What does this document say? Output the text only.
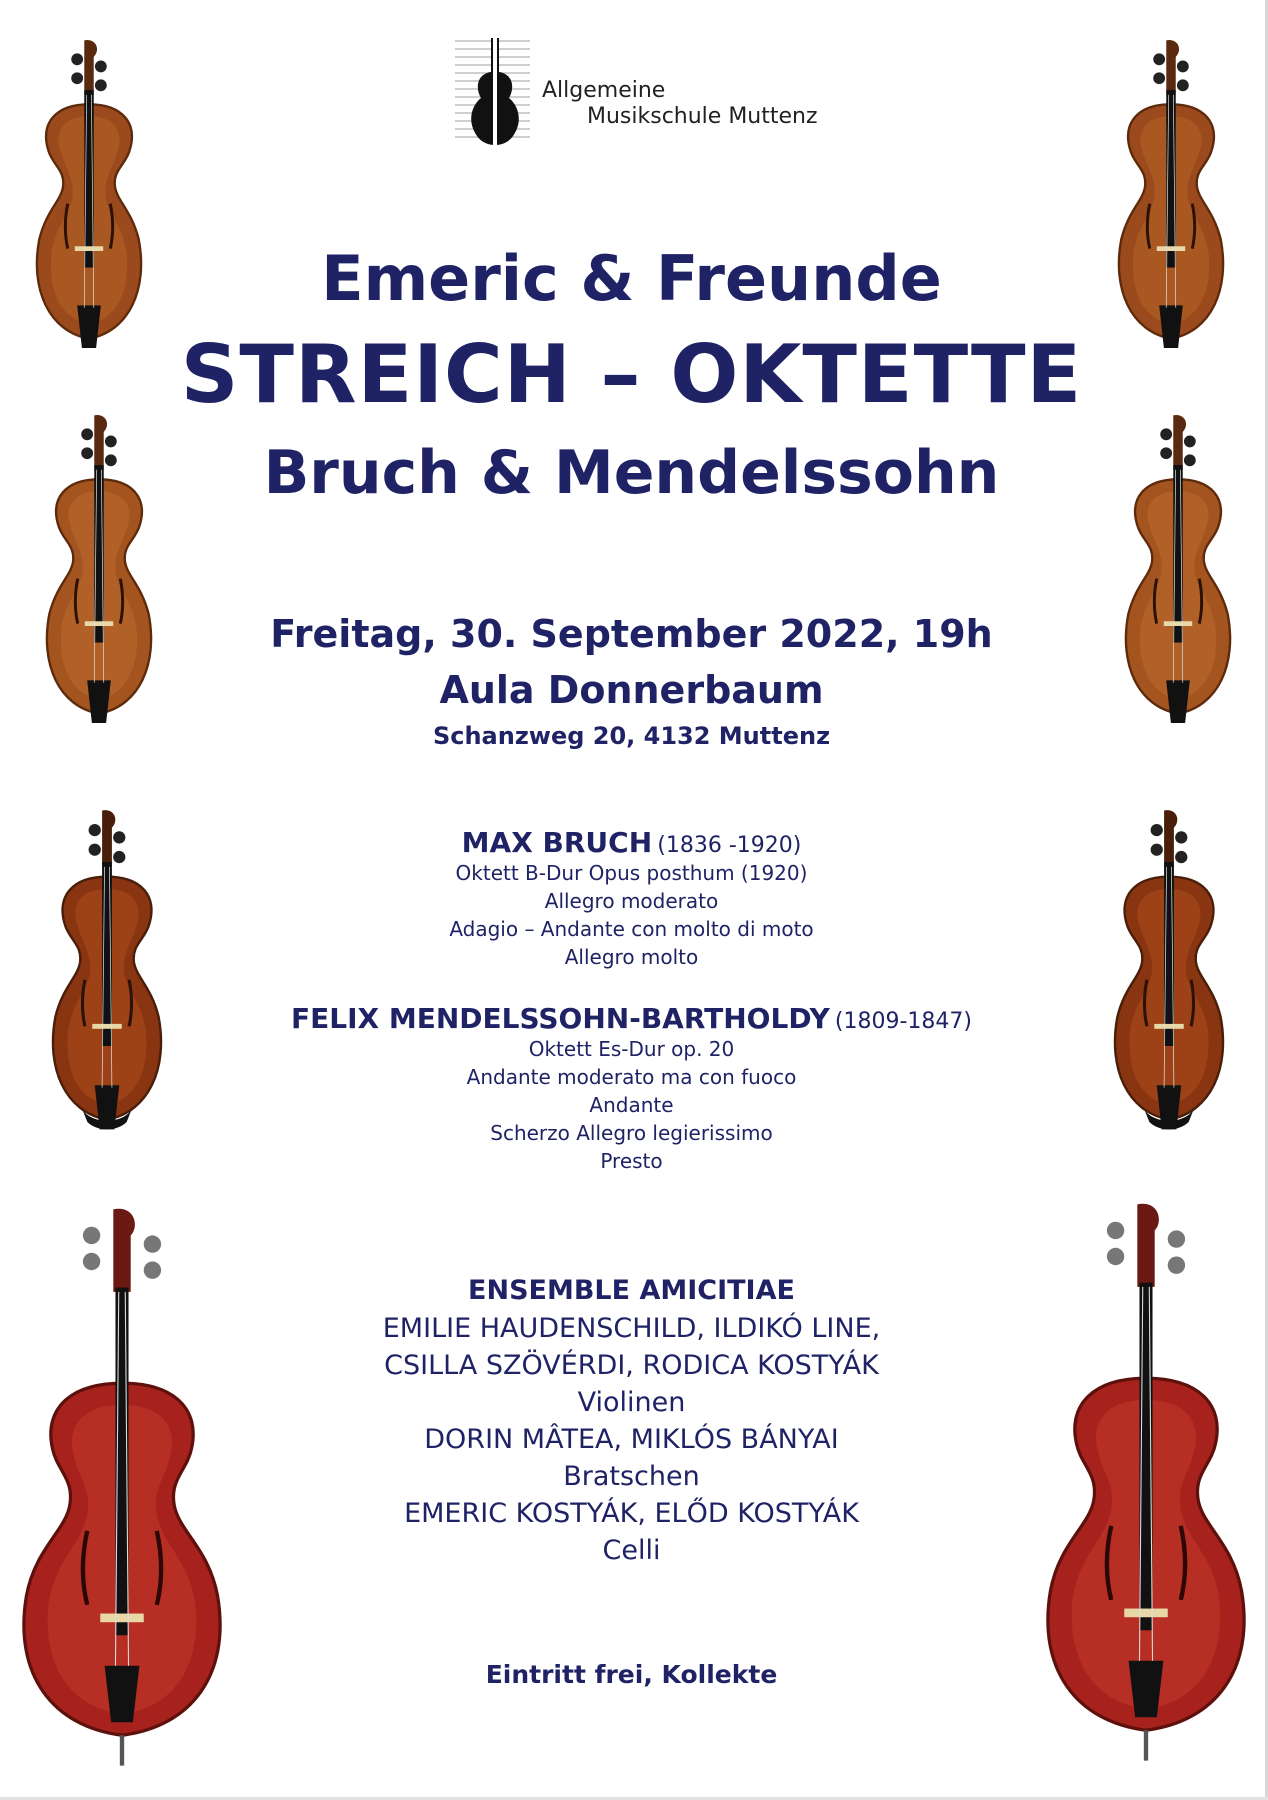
Allgemeine
Musikschule Muttenz
Emeric & Freunde
STREICH – OKTETTE
Bruch & Mendelssohn
Freitag, 30. September 2022, 19h
Aula Donnerbaum
Schanzweg 20, 4132 Muttenz
MAX BRUCH (1836 -1920)
Oktett B-Dur Opus posthum (1920)
Allegro moderato
Adagio – Andante con molto di moto
Allegro molto
FELIX MENDELSSOHN-BARTHOLDY (1809-1847)
Oktett Es-Dur op. 20
Andante moderato ma con fuoco
Andante
Scherzo Allegro legierissimo
Presto
ENSEMBLE AMICITIAE
EMILIE HAUDENSCHILD, ILDIKÓ LINE,
CSILLA SZÖVÉRDI, RODICA KOSTYÁK
Violinen
DORIN MÂTEA, MIKLÓS BÁNYAI
Bratschen
EMERIC KOSTYÁK, ELŐD KOSTYÁK
Celli
Eintritt frei, Kollekte
